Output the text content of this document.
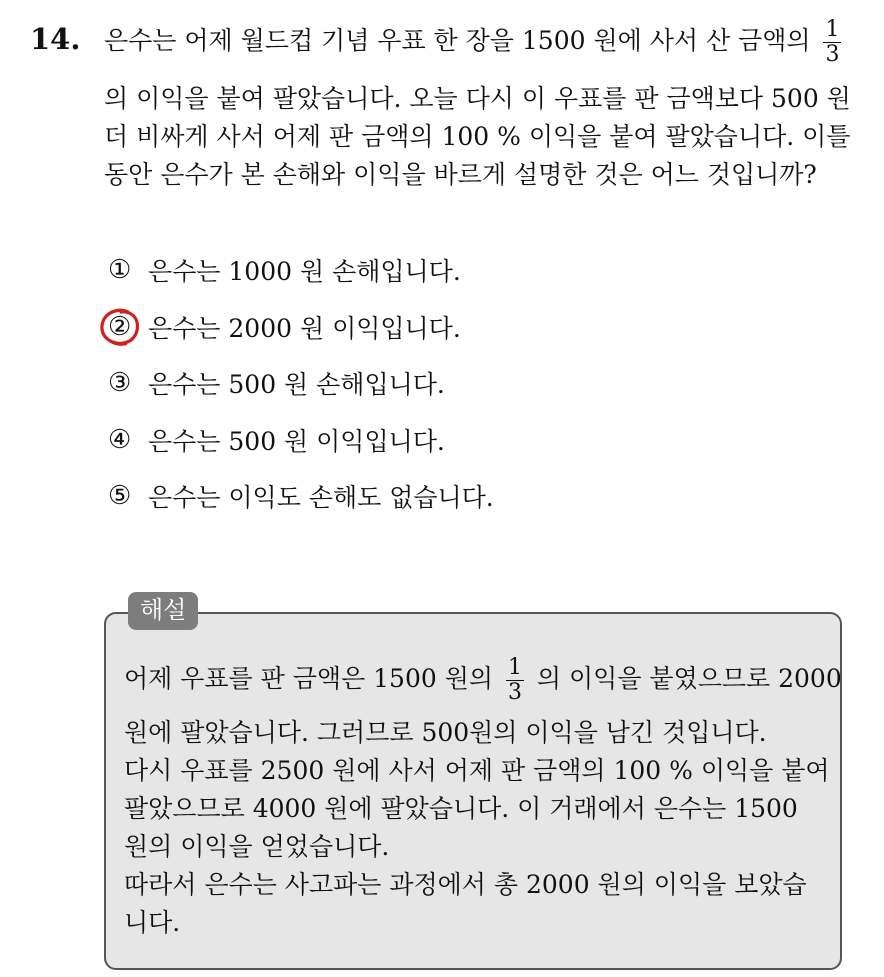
14. 은수는 어제 월드컵 기념 우표 한 장을 1500 원에 사서 산 금액의 $\frac{1}{3}$
의 이익을 붙여 팔았습니다. 오늘 다시 이 우표를 판 금액보다 500 원
더 비싸게 사서 어제 판 금액의 100 % 이익을 붙여 팔았습니다. 이틀
동안 은수가 본 손해와 이익을 바르게 설명한 것은 어느 것입니까?
① 은수는 1000 원 손해입니다.
② 은수는 2000 원 이익입니다.
③ 은수는 500 원 손해입니다.
④ 은수는 500 원 이익입니다.
⑤ 은수는 이익도 손해도 없습니다.
해설
어제 우표를 판 금액은 1500 원의 $\frac{1}{3}$ 의 이익을 붙였으므로 2000
원에 팔았습니다. 그러므로 500원의 이익을 남긴 것입니다.
다시 우표를 2500 원에 사서 어제 판 금액의 100 % 이익을 붙여
팔았으므로 4000 원에 팔았습니다. 이 거래에서 은수는 1500
원의 이익을 얻었습니다.
따라서 은수는 사고파는 과정에서 총 2000 원의 이익을 보았습
니다.
